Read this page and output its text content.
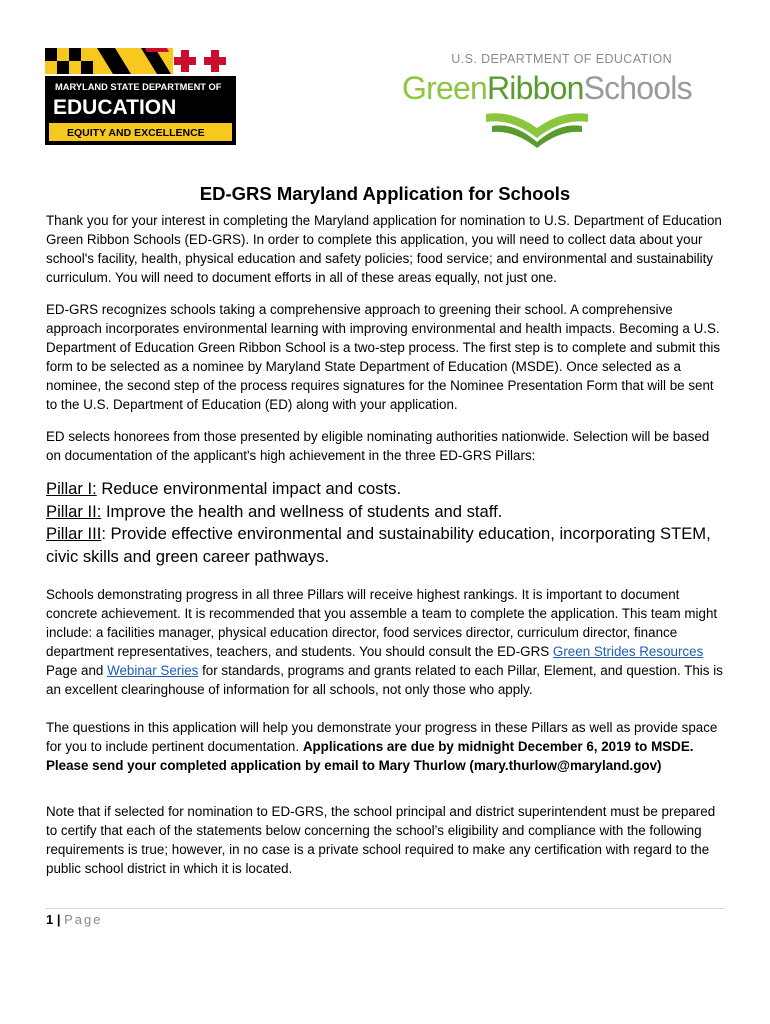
MARYLAND STATE DEPARTMENT OF
EDUCATION
EQUITY AND EXCELLENCE
U.S. DEPARTMENT OF EDUCATION
GreenRibbonSchools
ED-GRS Maryland Application for Schools

Thank you for your interest in completing the Maryland application for nomination to U.S. Department of Education Green Ribbon Schools (ED-GRS). In order to complete this application, you will need to collect data about your school's facility, health, physical education and safety policies; food service; and environmental and sustainability curriculum. You will need to document efforts in all of these areas equally, not just one.

ED-GRS recognizes schools taking a comprehensive approach to greening their school. A comprehensive approach incorporates environmental learning with improving environmental and health impacts. Becoming a U.S. Department of Education Green Ribbon School is a two-step process. The first step is to complete and submit this form to be selected as a nominee by Maryland State Department of Education (MSDE). Once selected as a nominee, the second step of the process requires signatures for the Nominee Presentation Form that will be sent to the U.S. Department of Education (ED) along with your application.

ED selects honorees from those presented by eligible nominating authorities nationwide. Selection will be based on documentation of the applicant's high achievement in the three ED-GRS Pillars:

Pillar I: Reduce environmental impact and costs.
Pillar II: Improve the health and wellness of students and staff.
Pillar III: Provide effective environmental and sustainability education, incorporating STEM, civic skills and green career pathways.

Schools demonstrating progress in all three Pillars will receive highest rankings. It is important to document concrete achievement. It is recommended that you assemble a team to complete the application. This team might include: a facilities manager, physical education director, food services director, curriculum director, finance department representatives, teachers, and students. You should consult the ED-GRS Green Strides Resources Page and Webinar Series for standards, programs and grants related to each Pillar, Element, and question. This is an excellent clearinghouse of information for all schools, not only those who apply.

The questions in this application will help you demonstrate your progress in these Pillars as well as provide space for you to include pertinent documentation. Applications are due by midnight December 6, 2019 to MSDE. Please send your completed application by email to Mary Thurlow (mary.thurlow@maryland.gov)

Note that if selected for nomination to ED-GRS, the school principal and district superintendent must be prepared to certify that each of the statements below concerning the school’s eligibility and compliance with the following requirements is true; however, in no case is a private school required to make any certification with regard to the public school district in which it is located.

1 | Page
